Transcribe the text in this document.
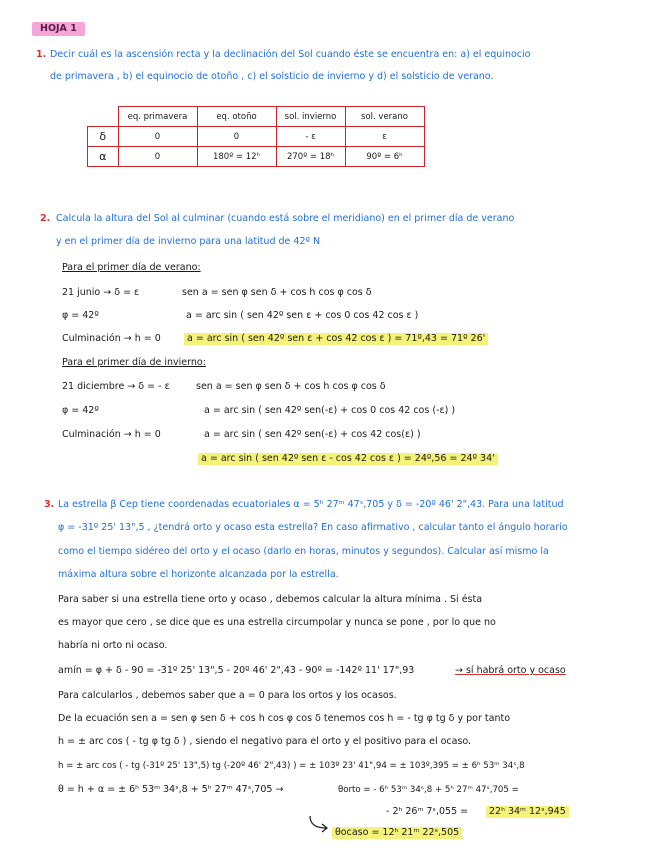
HOJA 1
1. Decir cuál es la ascensión recta y la declinación del Sol cuando éste se encuentra en: a) el equinocio
de primavera , b) el equinocio de otoño , c) el solsticio de invierno y d) el solsticio de verano.
	eq. primavera	eq. otoño	sol. invierno	sol. verano
δ	0	0	- ε	ε
α	0	180º = 12ʰ	270º = 18ʰ	90º = 6ʰ
2. Calcula la altura del Sol al culminar (cuando está sobre el meridiano) en el primer día de verano
y en el primer día de invierno para una latitud de 42º N
Para el primer día de verano:
21 junio → δ = ε	sen a = sen φ sen δ + cos h cos φ cos δ
φ = 42º	a = arc sin ( sen 42º sen ε + cos 0 cos 42 cos ε )
Culminación → h = 0	a = arc sin ( sen 42º sen ε + cos 42 cos ε ) = 71º,43 = 71º 26'
Para el primer día de invierno:
21 diciembre → δ = - ε	sen a = sen φ sen δ + cos h cos φ cos δ
φ = 42º	a = arc sin ( sen 42º sen(-ε) + cos 0 cos 42 cos (-ε) )
Culminación → h = 0	a = arc sin ( sen 42º sen(-ε) + cos 42 cos(ε) )
a = arc sin ( sen 42º sen ε - cos 42 cos ε ) = 24º,56 = 24º 34'
3. La estrella β Cep tiene coordenadas ecuatoriales α = 5ʰ 27ᵐ 47ˢ,705 y δ = -20º 46' 2",43. Para una latitud
φ = -31º 25' 13",5 , ¿tendrá orto y ocaso esta estrella? En caso afirmativo , calcular tanto el ángulo horario
como el tiempo sidéreo del orto y el ocaso (darlo en horas, minutos y segundos). Calcular así mismo la
máxima altura sobre el horizonte alcanzada por la estrella.
Para saber si una estrella tiene orto y ocaso , debemos calcular la altura mínima . Si ésta
es mayor que cero , se dice que es una estrella circumpolar y nunca se pone , por lo que no
habría ni orto ni ocaso.
amín = φ + δ - 90 = -31º 25' 13",5 - 20º 46' 2",43 - 90º = -142º 11' 17",93	→ sí habrá orto y ocaso
Para calcularlos , debemos saber que a = 0 para los ortos y los ocasos.
De la ecuación sen a = sen φ sen δ + cos h cos φ cos δ tenemos cos h = - tg φ tg δ y por tanto
h = ± arc cos ( - tg φ tg δ ) , siendo el negativo para el orto y el positivo para el ocaso.
h = ± arc cos ( - tg (-31º 25' 13",5) tg (-20º 46' 2",43) ) = ± 103º 23' 41",94 = ± 103º,395 = ± 6ʰ 53ᵐ 34ˢ,8
θ = h + α = ± 6ʰ 53ᵐ 34ˢ,8 + 5ʰ 27ᵐ 47ˢ,705 →	θorto = - 6ʰ 53ᵐ 34ˢ,8 + 5ʰ 27ᵐ 47ˢ,705 =
- 2ʰ 26ᵐ 7ˢ,055 =	22ʰ 34ᵐ 12ˢ,945
θocaso = 12ʰ 21ᵐ 22ˢ,505
